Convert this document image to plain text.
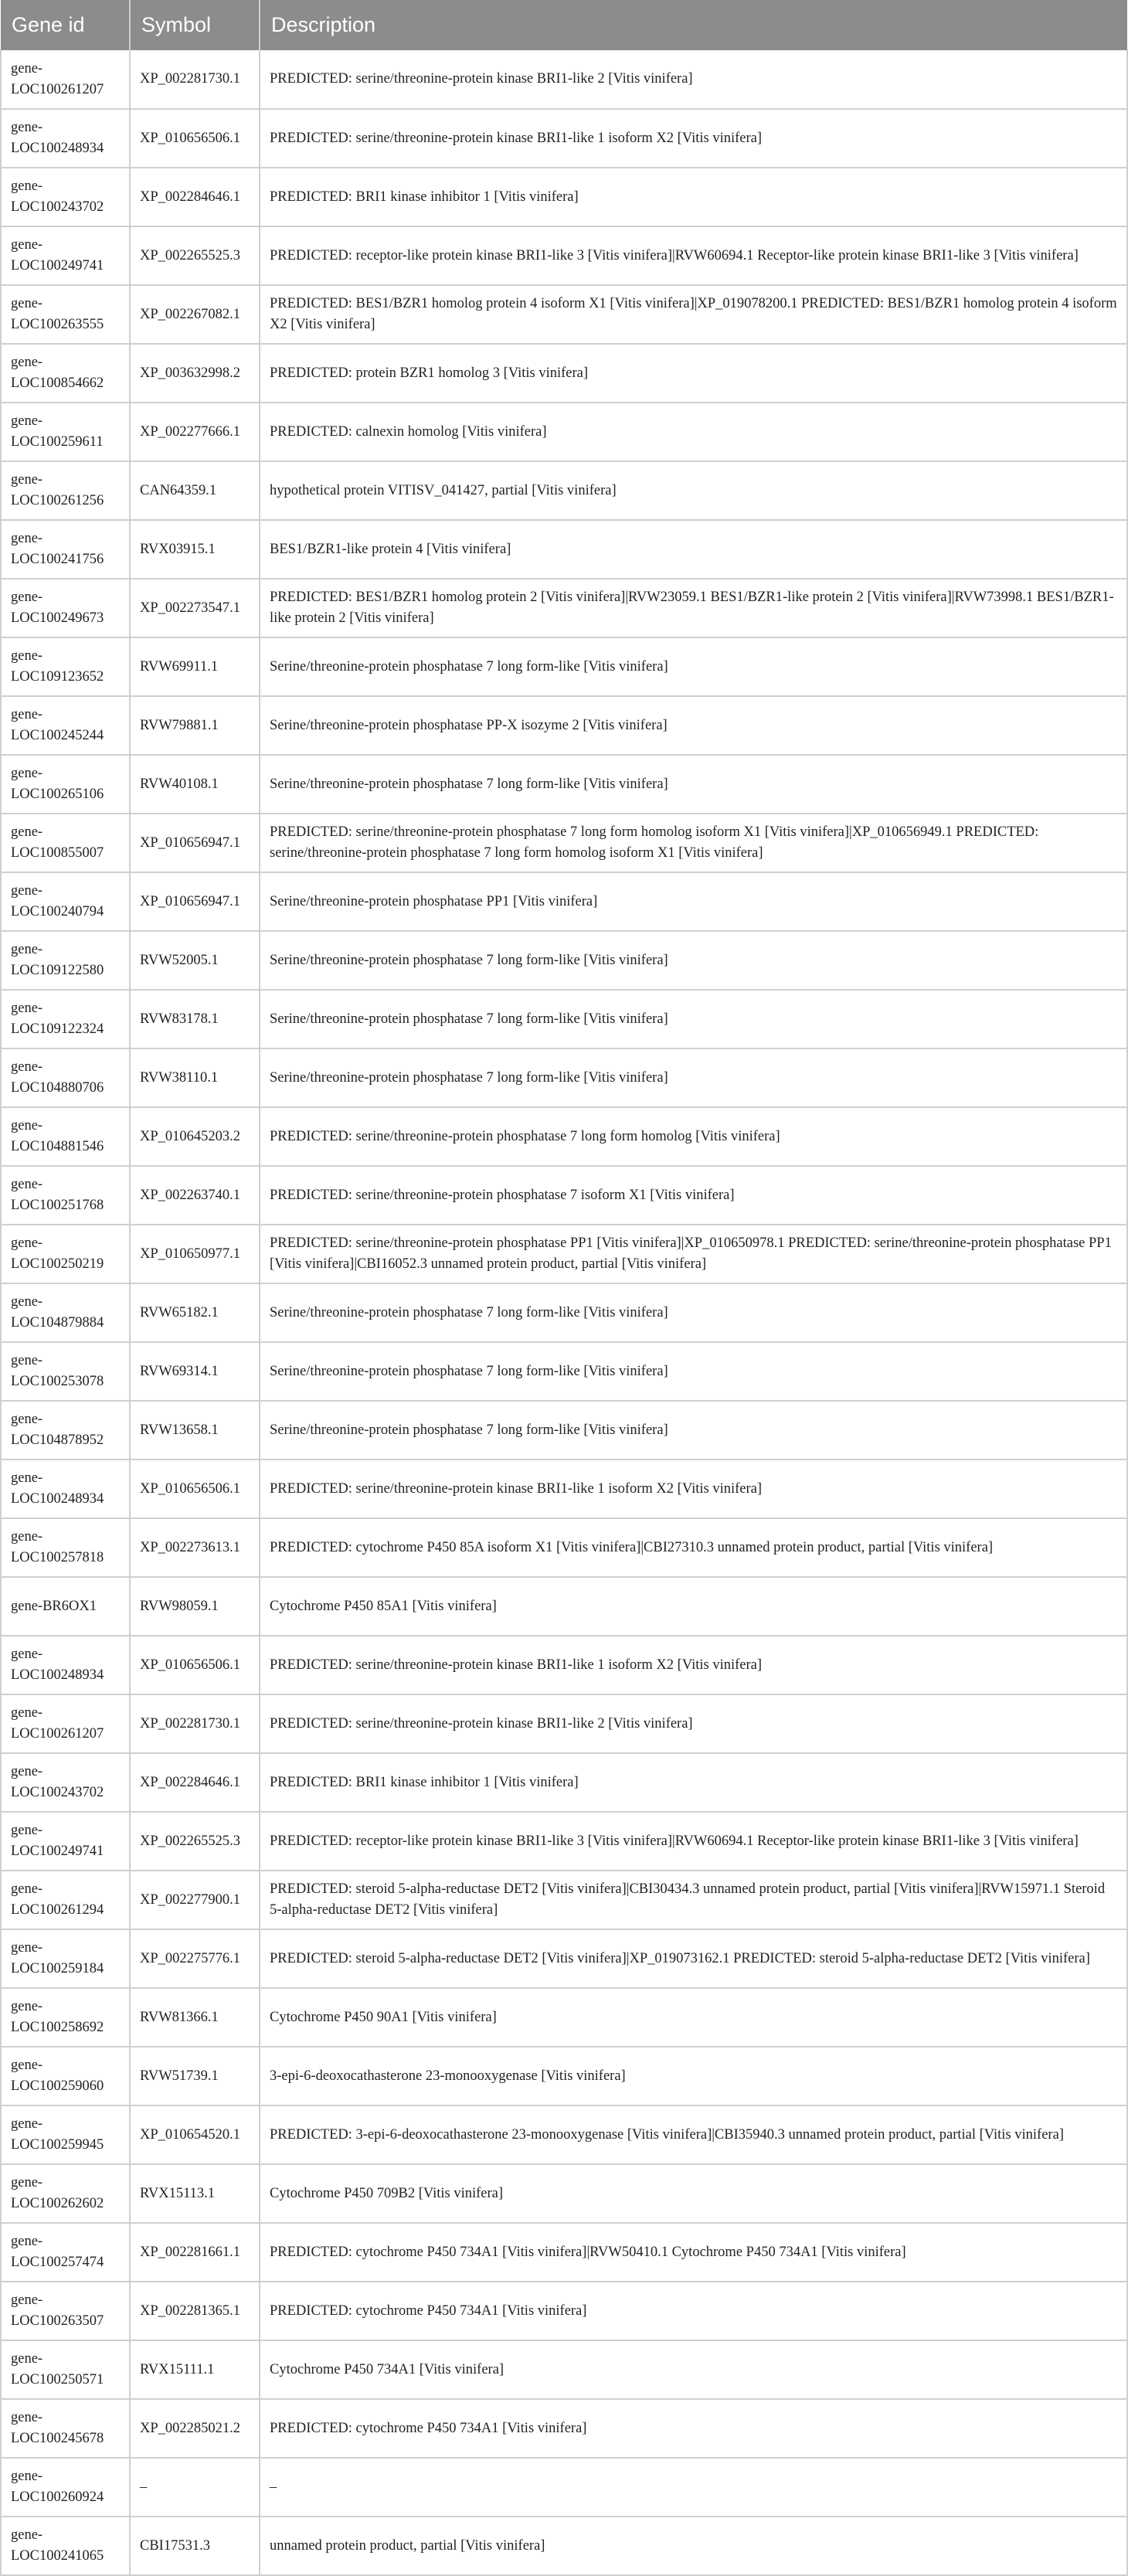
Gene id	Symbol	Description
gene-LOC100261207	XP_002281730.1	PREDICTED: serine/threonine-protein kinase BRI1-like 2 [Vitis vinifera]
gene-LOC100248934	XP_010656506.1	PREDICTED: serine/threonine-protein kinase BRI1-like 1 isoform X2 [Vitis vinifera]
gene-LOC100243702	XP_002284646.1	PREDICTED: BRI1 kinase inhibitor 1 [Vitis vinifera]
gene-LOC100249741	XP_002265525.3	PREDICTED: receptor-like protein kinase BRI1-like 3 [Vitis vinifera]|RVW60694.1 Receptor-like protein kinase BRI1-like 3 [Vitis vinifera]
gene-LOC100263555	XP_002267082.1	PREDICTED: BES1/BZR1 homolog protein 4 isoform X1 [Vitis vinifera]|XP_019078200.1 PREDICTED: BES1/BZR1 homolog protein 4 isoform X2 [Vitis vinifera]
gene-LOC100854662	XP_003632998.2	PREDICTED: protein BZR1 homolog 3 [Vitis vinifera]
gene-LOC100259611	XP_002277666.1	PREDICTED: calnexin homolog [Vitis vinifera]
gene-LOC100261256	CAN64359.1	hypothetical protein VITISV_041427, partial [Vitis vinifera]
gene-LOC100241756	RVX03915.1	BES1/BZR1-like protein 4 [Vitis vinifera]
gene-LOC100249673	XP_002273547.1	PREDICTED: BES1/BZR1 homolog protein 2 [Vitis vinifera]|RVW23059.1 BES1/BZR1-like protein 2 [Vitis vinifera]|RVW73998.1 BES1/BZR1-like protein 2 [Vitis vinifera]
gene-LOC109123652	RVW69911.1	Serine/threonine-protein phosphatase 7 long form-like [Vitis vinifera]
gene-LOC100245244	RVW79881.1	Serine/threonine-protein phosphatase PP-X isozyme 2 [Vitis vinifera]
gene-LOC100265106	RVW40108.1	Serine/threonine-protein phosphatase 7 long form-like [Vitis vinifera]
gene-LOC100855007	XP_010656947.1	PREDICTED: serine/threonine-protein phosphatase 7 long form homolog isoform X1 [Vitis vinifera]|XP_010656949.1 PREDICTED: serine/threonine-protein phosphatase 7 long form homolog isoform X1 [Vitis vinifera]
gene-LOC100240794	XP_010656947.1	Serine/threonine-protein phosphatase PP1 [Vitis vinifera]
gene-LOC109122580	RVW52005.1	Serine/threonine-protein phosphatase 7 long form-like [Vitis vinifera]
gene-LOC109122324	RVW83178.1	Serine/threonine-protein phosphatase 7 long form-like [Vitis vinifera]
gene-LOC104880706	RVW38110.1	Serine/threonine-protein phosphatase 7 long form-like [Vitis vinifera]
gene-LOC104881546	XP_010645203.2	PREDICTED: serine/threonine-protein phosphatase 7 long form homolog [Vitis vinifera]
gene-LOC100251768	XP_002263740.1	PREDICTED: serine/threonine-protein phosphatase 7 isoform X1 [Vitis vinifera]
gene-LOC100250219	XP_010650977.1	PREDICTED: serine/threonine-protein phosphatase PP1 [Vitis vinifera]|XP_010650978.1 PREDICTED: serine/threonine-protein phosphatase PP1 [Vitis vinifera]|CBI16052.3 unnamed protein product, partial [Vitis vinifera]
gene-LOC104879884	RVW65182.1	Serine/threonine-protein phosphatase 7 long form-like [Vitis vinifera]
gene-LOC100253078	RVW69314.1	Serine/threonine-protein phosphatase 7 long form-like [Vitis vinifera]
gene-LOC104878952	RVW13658.1	Serine/threonine-protein phosphatase 7 long form-like [Vitis vinifera]
gene-LOC100248934	XP_010656506.1	PREDICTED: serine/threonine-protein kinase BRI1-like 1 isoform X2 [Vitis vinifera]
gene-LOC100257818	XP_002273613.1	PREDICTED: cytochrome P450 85A isoform X1 [Vitis vinifera]|CBI27310.3 unnamed protein product, partial [Vitis vinifera]
gene-BR6OX1	RVW98059.1	Cytochrome P450 85A1 [Vitis vinifera]
gene-LOC100248934	XP_010656506.1	PREDICTED: serine/threonine-protein kinase BRI1-like 1 isoform X2 [Vitis vinifera]
gene-LOC100261207	XP_002281730.1	PREDICTED: serine/threonine-protein kinase BRI1-like 2 [Vitis vinifera]
gene-LOC100243702	XP_002284646.1	PREDICTED: BRI1 kinase inhibitor 1 [Vitis vinifera]
gene-LOC100249741	XP_002265525.3	PREDICTED: receptor-like protein kinase BRI1-like 3 [Vitis vinifera]|RVW60694.1 Receptor-like protein kinase BRI1-like 3 [Vitis vinifera]
gene-LOC100261294	XP_002277900.1	PREDICTED: steroid 5-alpha-reductase DET2 [Vitis vinifera]|CBI30434.3 unnamed protein product, partial [Vitis vinifera]|RVW15971.1 Steroid 5-alpha-reductase DET2 [Vitis vinifera]
gene-LOC100259184	XP_002275776.1	PREDICTED: steroid 5-alpha-reductase DET2 [Vitis vinifera]|XP_019073162.1 PREDICTED: steroid 5-alpha-reductase DET2 [Vitis vinifera]
gene-LOC100258692	RVW81366.1	Cytochrome P450 90A1 [Vitis vinifera]
gene-LOC100259060	RVW51739.1	3-epi-6-deoxocathasterone 23-monooxygenase [Vitis vinifera]
gene-LOC100259945	XP_010654520.1	PREDICTED: 3-epi-6-deoxocathasterone 23-monooxygenase [Vitis vinifera]|CBI35940.3 unnamed protein product, partial [Vitis vinifera]
gene-LOC100262602	RVX15113.1	Cytochrome P450 709B2 [Vitis vinifera]
gene-LOC100257474	XP_002281661.1	PREDICTED: cytochrome P450 734A1 [Vitis vinifera]|RVW50410.1 Cytochrome P450 734A1 [Vitis vinifera]
gene-LOC100263507	XP_002281365.1	PREDICTED: cytochrome P450 734A1 [Vitis vinifera]
gene-LOC100250571	RVX15111.1	Cytochrome P450 734A1 [Vitis vinifera]
gene-LOC100245678	XP_002285021.2	PREDICTED: cytochrome P450 734A1 [Vitis vinifera]
gene-LOC100260924	–	–
gene-LOC100241065	CBI17531.3	unnamed protein product, partial [Vitis vinifera]
